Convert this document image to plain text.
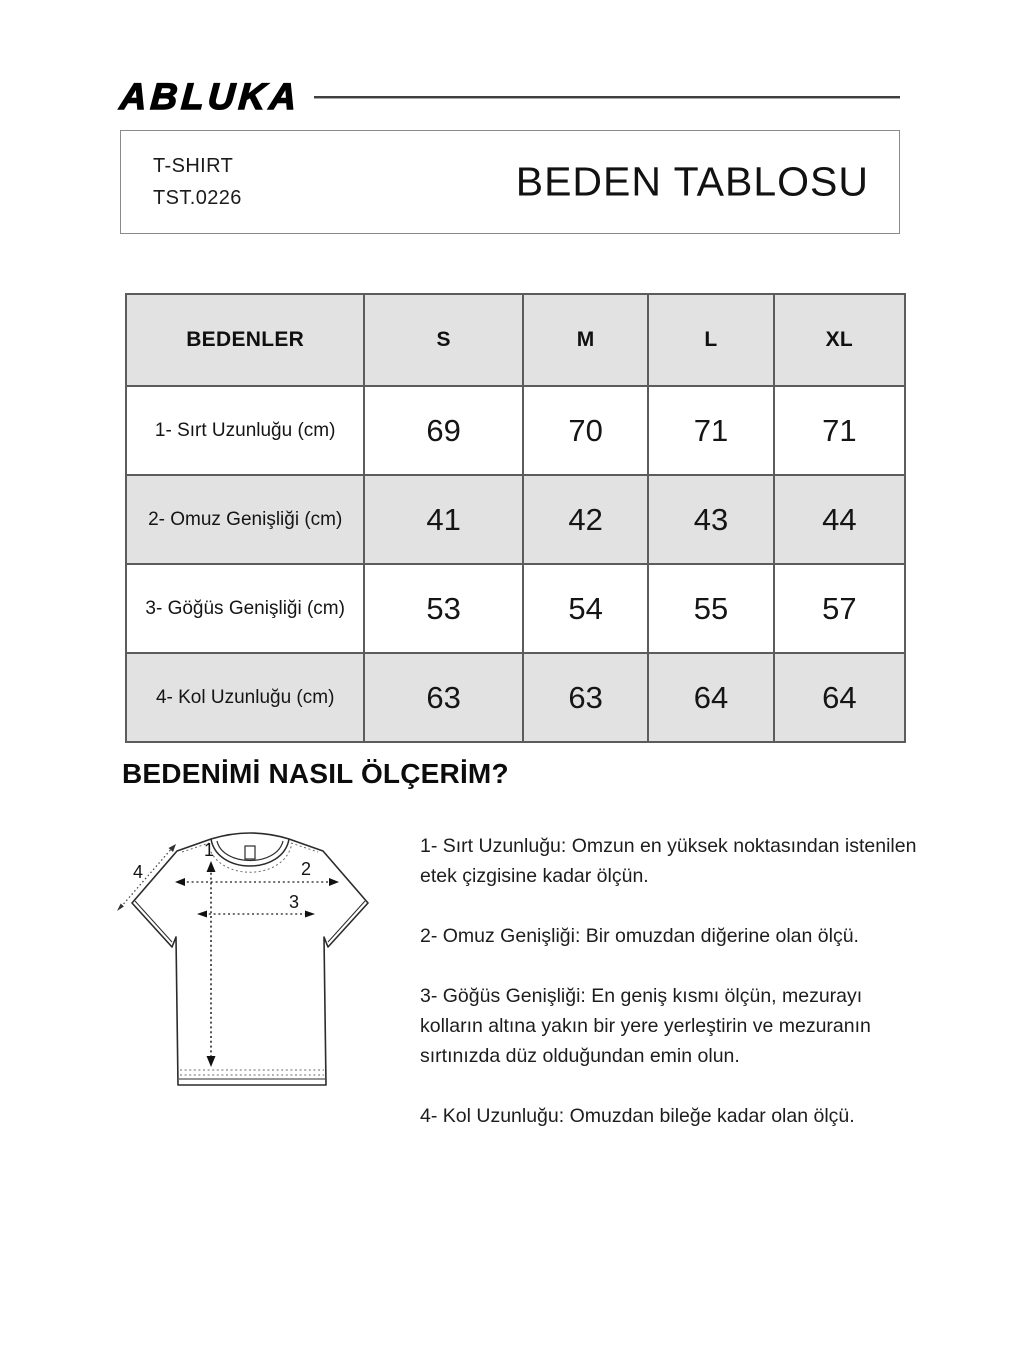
ABLUKA
T-SHIRT
TST.0226	BEDEN TABLOSU
BEDENLER	S	M	L	XL
1- Sırt Uzunluğu (cm)	69	70	71	71
2- Omuz Genişliği (cm)	41	42	43	44
3- Göğüs Genişliği (cm)	53	54	55	57
4- Kol Uzunluğu (cm)	63	63	64	64
BEDENİMİ NASIL ÖLÇERİM?
1
2
3
4

1- Sırt Uzunluğu: Omzun en yüksek noktasından istenilen etek çizgisine kadar ölçün.

2- Omuz Genişliği: Bir omuzdan diğerine olan ölçü.

3- Göğüs Genişliği: En geniş kısmı ölçün, mezurayı kolların altına yakın bir yere yerleştirin ve mezuranın sırtınızda düz olduğundan emin olun.

4- Kol Uzunluğu: Omuzdan bileğe kadar olan ölçü.
